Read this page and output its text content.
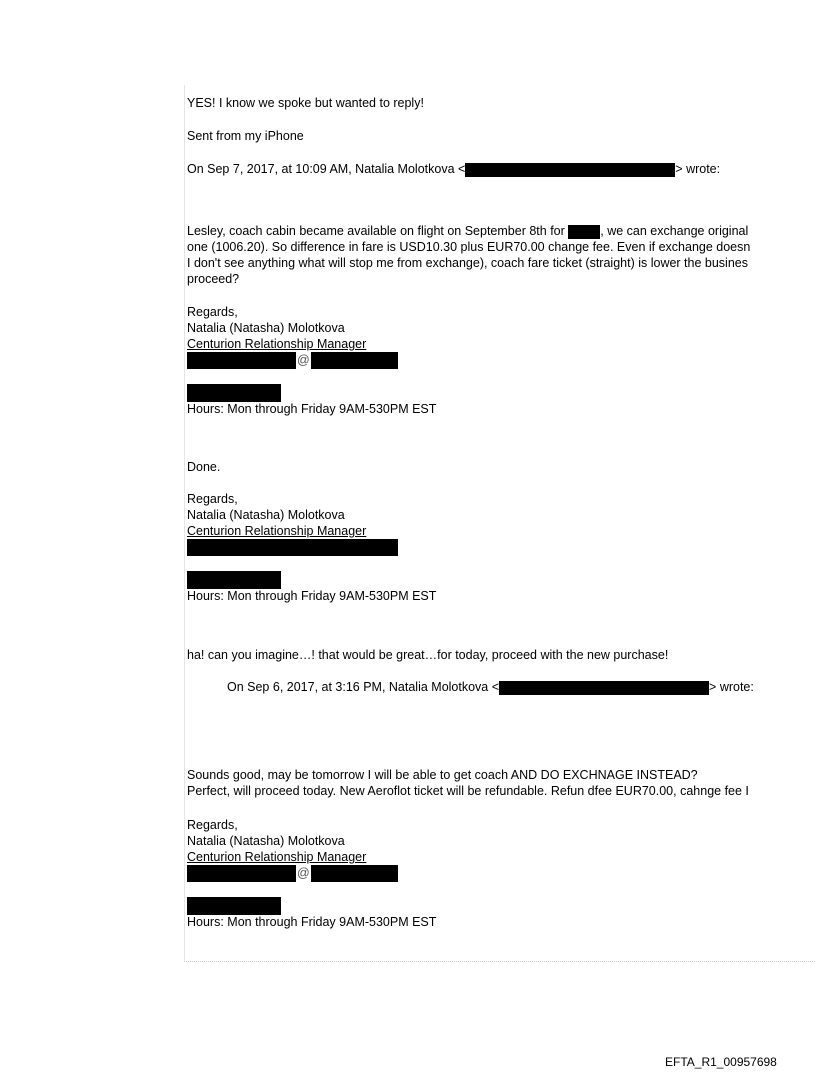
YES! I know we spoke but wanted to reply!
Sent from my iPhone
On Sep 7, 2017, at 10:09 AM, Natalia Molotkova <	> wrote:
Lesley, coach cabin became available on flight on September 8th for	, we can exchange original
one (1006.20). So difference in fare is USD10.30 plus EUR70.00 change fee. Even if exchange doesn
I don't see anything what will stop me from exchange), coach fare ticket (straight) is lower the busines
proceed?
Regards,
Natalia (Natasha) Molotkova
Centurion Relationship Manager
@
Hours: Mon through Friday 9AM-530PM EST
Done.
Regards,
Natalia (Natasha) Molotkova
Centurion Relationship Manager
Hours: Mon through Friday 9AM-530PM EST
ha! can you imagine…! that would be great…for today, proceed with the new purchase!
On Sep 6, 2017, at 3:16 PM, Natalia Molotkova <	> wrote:
Sounds good, may be tomorrow I will be able to get coach AND DO EXCHNAGE INSTEAD?
Perfect, will proceed today. New Aeroflot ticket will be refundable. Refun dfee EUR70.00, cahnge fee I
Regards,
Natalia (Natasha) Molotkova
Centurion Relationship Manager
@
Hours: Mon through Friday 9AM-530PM EST
EFTA_R1_00957698
